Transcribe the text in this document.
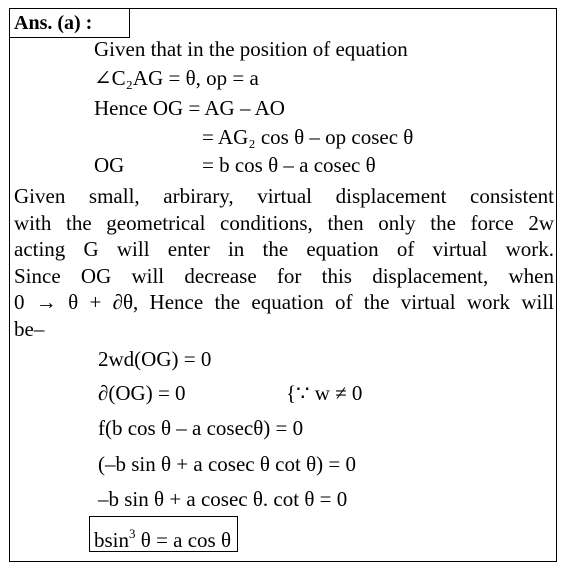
Ans. (a) :
Given that in the position of equation
∠C₂AG = θ, op = a
Hence OG = AG – AO
= AG₂ cos θ – op cosec θ
OG	= b cos θ – a cosec θ
Given small, arbirary, virtual displacement consistent
with the geometrical conditions, then only the force 2w
acting G will enter in the equation of virtual work.
Since OG will decrease for this displacement, when
0 → θ + ∂θ, Hence the equation of the virtual work will
be–
2wd(OG) = 0
∂(OG) = 0	{∵ w ≠ 0
f(b cos θ – a cosecθ) = 0
(–b sin θ + a cosec θ cot θ) = 0
–b sin θ + a cosec θ. cot θ = 0
bsin$^3$ θ = a cos θ
